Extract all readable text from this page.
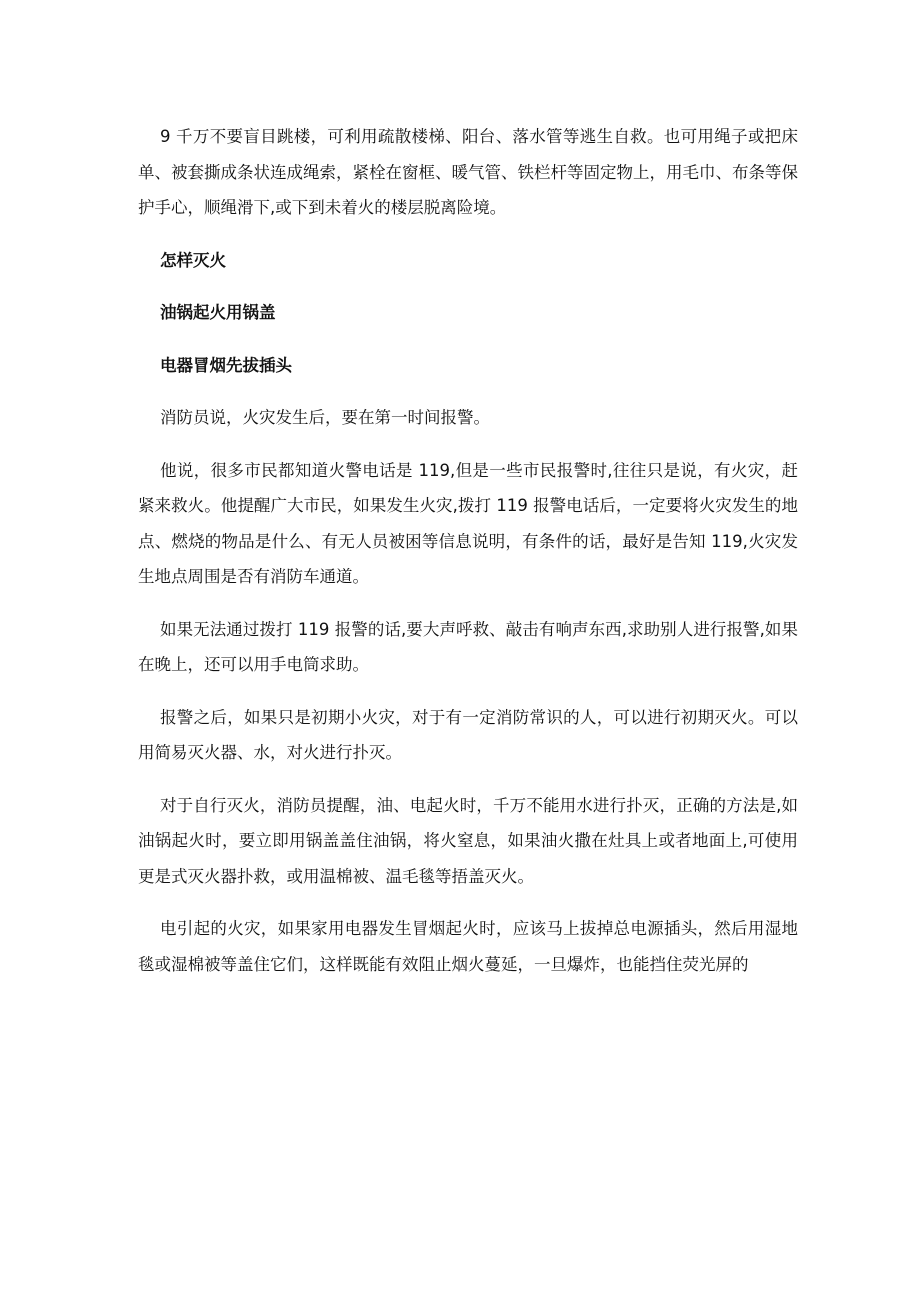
9 千万不要盲目跳楼，可利用疏散楼梯、阳台、落水管等逃生自救。也可用绳子或把床单、被套撕成条状连成绳索，紧栓在窗框、暖气管、铁栏杆等固定物上，用毛巾、布条等保护手心，顺绳滑下,或下到未着火的楼层脱离险境。

怎样灭火

油锅起火用锅盖

电器冒烟先拔插头

消防员说，火灾发生后，要在第一时间报警。

他说，很多市民都知道火警电话是 119,但是一些市民报警时,往往只是说，有火灾，赶紧来救火。他提醒广大市民，如果发生火灾,拨打 119 报警电话后，一定要将火灾发生的地点、燃烧的物品是什么、有无人员被困等信息说明，有条件的话，最好是告知 119,火灾发生地点周围是否有消防车通道。

如果无法通过拨打 119 报警的话,要大声呼救、敲击有响声东西,求助别人进行报警,如果在晚上，还可以用手电筒求助。

报警之后，如果只是初期小火灾，对于有一定消防常识的人，可以进行初期灭火。可以用简易灭火器、水，对火进行扑灭。

对于自行灭火，消防员提醒，油、电起火时，千万不能用水进行扑灭，正确的方法是,如油锅起火时，要立即用锅盖盖住油锅，将火窒息，如果油火撒在灶具上或者地面上,可使用更是式灭火器扑救，或用温棉被、温毛毯等捂盖灭火。

电引起的火灾，如果家用电器发生冒烟起火时，应该马上拔掉总电源插头，然后用湿地毯或湿棉被等盖住它们，这样既能有效阻止烟火蔓延，一旦爆炸，也能挡住荧光屏的
